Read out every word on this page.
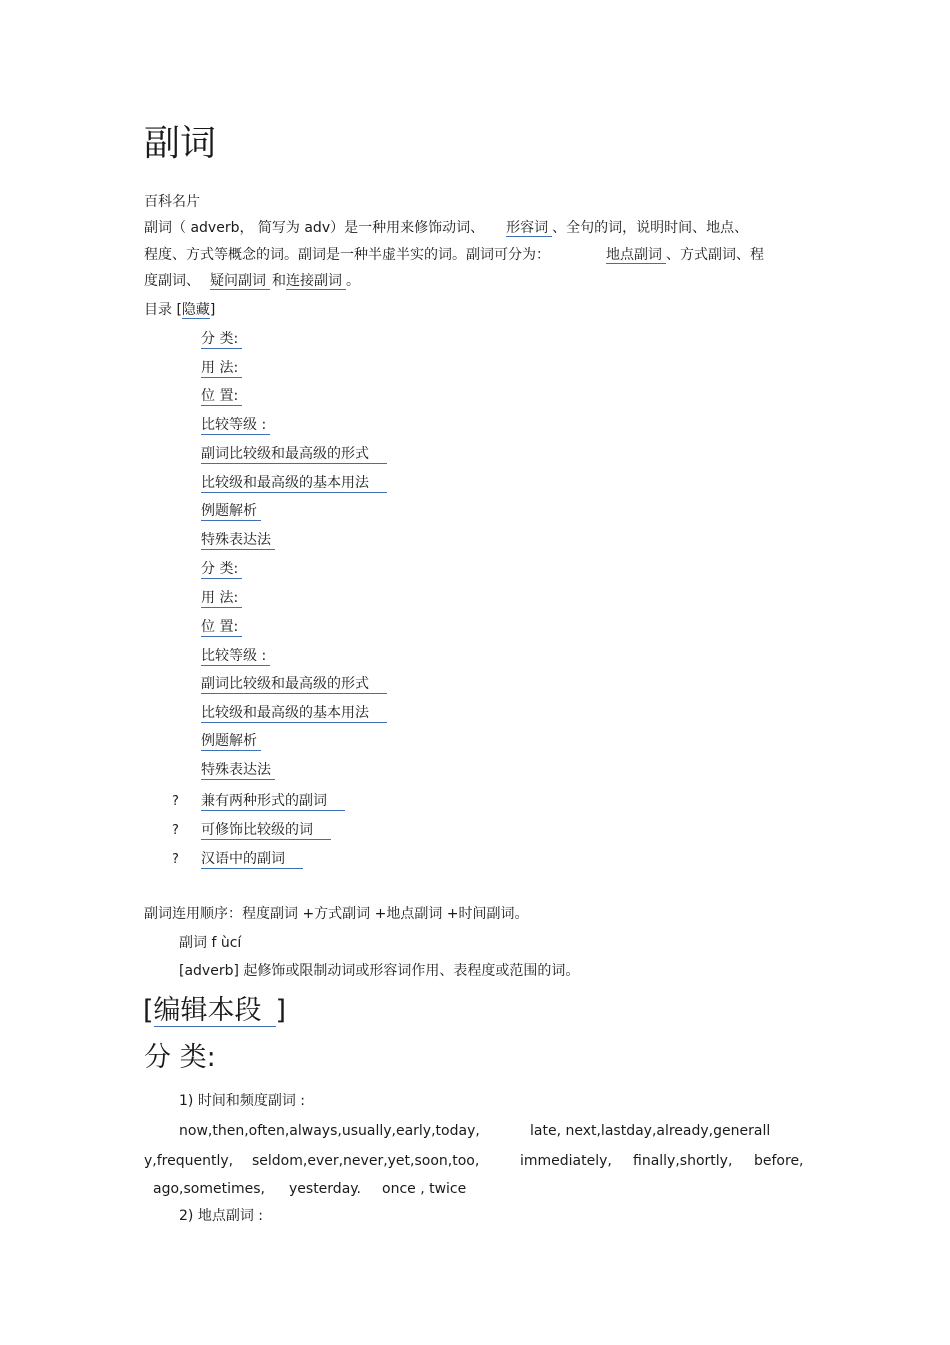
副词
百科名片
副词（ adverb， 简写为 adv）是一种用来修饰动词、 形容词 、全句的词，说明时间、地点、
程度、方式等概念的词。副词是一种半虚半实的词。副词可分为：	地点副词 、方式副词、程
度副词、 疑问副词 和连接副词 。
目录 [隐藏]
分 类:
用 法:
位 置:
比较等级 :
副词比较级和最高级的形式
比较级和最高级的基本用法
例题解析
特殊表达法
分 类:
用 法:
位 置:
比较等级 :
副词比较级和最高级的形式
比较级和最高级的基本用法
例题解析
特殊表达法
? 兼有两种形式的副词
? 可修饰比较级的词
? 汉语中的副词
副词连用顺序：程度副词 +方式副词 +地点副词 +时间副词。
副词 f ùcí
[adverb] 起修饰或限制动词或形容词作用、表程度或范围的词。
[编辑本段 ]
分 类:
1) 时间和频度副词 :
now,then,often,always,usually,early,today,	late, next,lastday,already,generall
y,frequently, seldom,ever,never,yet,soon,too,	immediately, finally,shortly, before,
ago,sometimes, yesterday. once , twice
2) 地点副词 :
